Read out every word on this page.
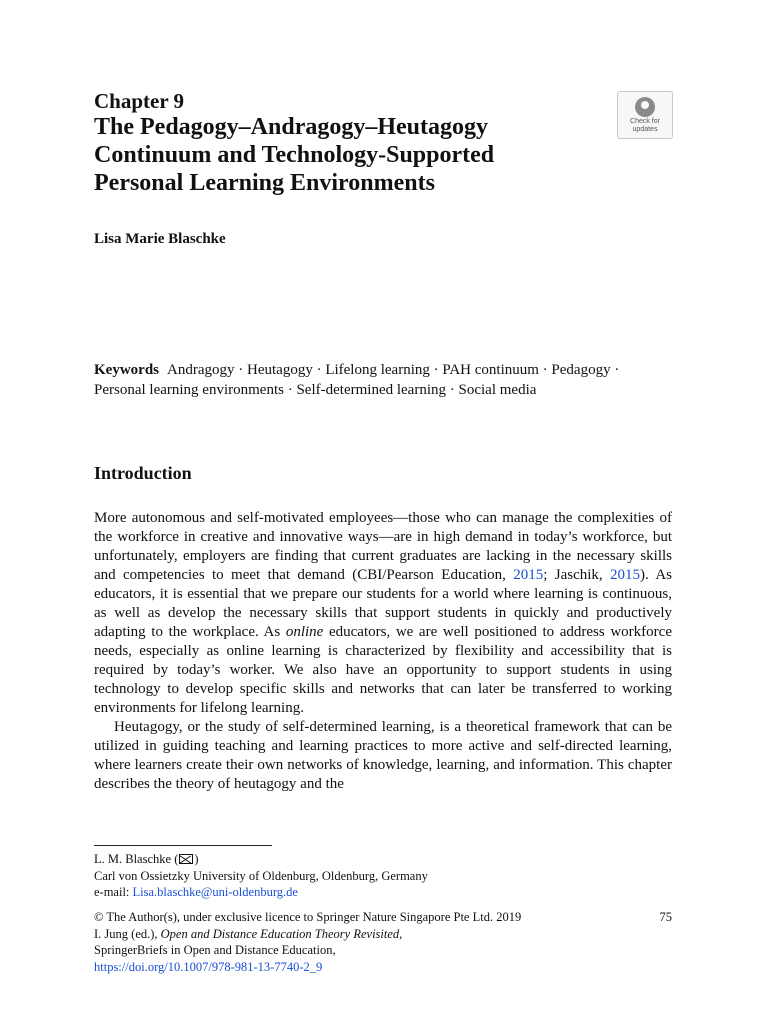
Chapter 9
The Pedagogy–Andragogy–Heutagogy
Continuum and Technology-Supported
Personal Learning Environments
Check for
updates
Lisa Marie Blaschke
Keywords Andragogy · Heutagogy · Lifelong learning · PAH continuum · Pedagogy · Personal learning environments · Self-determined learning · Social media
Introduction

More autonomous and self-motivated employees—those who can manage the complexities of the workforce in creative and innovative ways—are in high demand in today’s workforce, but unfortunately, employers are finding that current graduates are lacking in the necessary skills and competencies to meet that demand (CBI/Pearson Education, 2015; Jaschik, 2015). As educators, it is essential that we prepare our students for a world where learning is continuous, as well as develop the necessary skills that support students in quickly and productively adapting to the workplace. As online educators, we are well positioned to address workforce needs, especially as online learning is characterized by flexibility and accessibility that is required by today’s worker. We also have an opportunity to support students in using technology to develop specific skills and networks that can later be transferred to working environments for lifelong learning.

Heutagogy, or the study of self-determined learning, is a theoretical framework that can be utilized in guiding teaching and learning practices to more active and self-directed learning, where learners create their own networks of knowledge, learning, and information. This chapter describes the theory of heutagogy and the

L. M. Blaschke ( )
Carl von Ossietzky University of Oldenburg, Oldenburg, Germany
e-mail: Lisa.blaschke@uni-oldenburg.de
75
© The Author(s), under exclusive licence to Springer Nature Singapore Pte Ltd. 2019
I. Jung (ed.), Open and Distance Education Theory Revisited,
SpringerBriefs in Open and Distance Education,
https://doi.org/10.1007/978-981-13-7740-2_9
